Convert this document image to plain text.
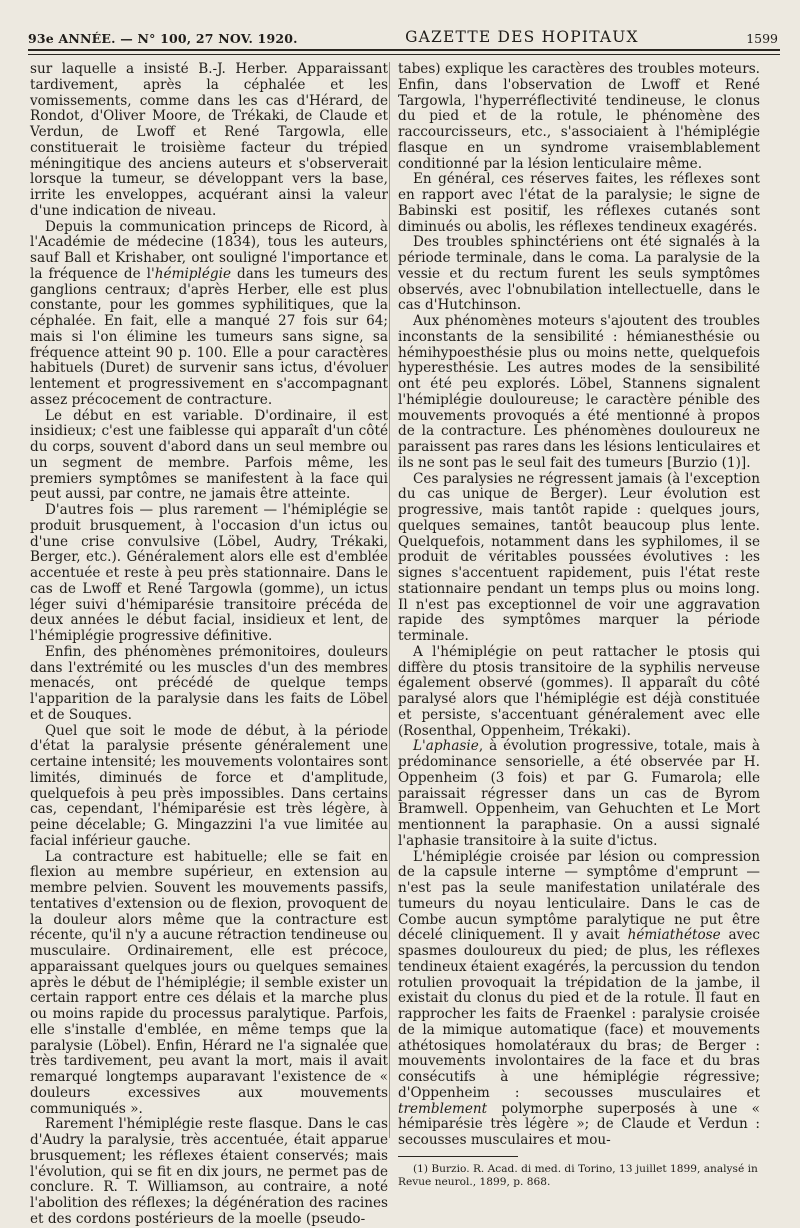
93e ANNÉE. — N° 100, 27 NOV. 1920.	GAZETTE DES HOPITAUX	1599

sur laquelle a insisté B.-J. Herber. Apparaissant tardivement, après la céphalée et les vomissements, comme dans les cas d'Hérard, de Rondot, d'Oliver Moore, de Trékaki, de Claude et Verdun, de Lwoff et René Targowla, elle constituerait le troisième facteur du trépied méningitique des anciens auteurs et s'observerait lorsque la tumeur, se développant vers la base, irrite les enveloppes, acquérant ainsi la valeur d'une indication de niveau.

Depuis la communication princeps de Ricord, à l'Académie de médecine (1834), tous les auteurs, sauf Ball et Krishaber, ont souligné l'importance et la fréquence de l'hémiplégie dans les tumeurs des ganglions centraux; d'après Herber, elle est plus constante, pour les gommes syphilitiques, que la céphalée. En fait, elle a manqué 27 fois sur 64; mais si l'on élimine les tumeurs sans signe, sa fréquence atteint 90 p. 100. Elle a pour caractères habituels (Duret) de survenir sans ictus, d'évoluer lentement et progressivement en s'accompagnant assez précocement de contracture.

Le début en est variable. D'ordinaire, il est insidieux; c'est une faiblesse qui apparaît d'un côté du corps, souvent d'abord dans un seul membre ou un segment de membre. Parfois même, les premiers symptômes se manifestent à la face qui peut aussi, par contre, ne jamais être atteinte.

D'autres fois — plus rarement — l'hémiplégie se produit brusquement, à l'occasion d'un ictus ou d'une crise convulsive (Löbel, Audry, Trékaki, Berger, etc.). Généralement alors elle est d'emblée accentuée et reste à peu près stationnaire. Dans le cas de Lwoff et René Targowla (gomme), un ictus léger suivi d'hémiparésie transitoire précéda de deux années le début facial, insidieux et lent, de l'hémiplégie progressive définitive.

Enfin, des phénomènes prémonitoires, douleurs dans l'extrémité ou les muscles d'un des membres menacés, ont précédé de quelque temps l'apparition de la paralysie dans les faits de Löbel et de Souques.

Quel que soit le mode de début, à la période d'état la paralysie présente généralement une certaine intensité; les mouvements volontaires sont limités, diminués de force et d'amplitude, quelquefois à peu près impossibles. Dans certains cas, cependant, l'hémiparésie est très légère, à peine décelable; G. Mingazzini l'a vue limitée au facial inférieur gauche.

La contracture est habituelle; elle se fait en flexion au membre supérieur, en extension au membre pelvien. Souvent les mouvements passifs, tentatives d'extension ou de flexion, provoquent de la douleur alors même que la contracture est récente, qu'il n'y a aucune rétraction tendineuse ou musculaire. Ordinairement, elle est précoce, apparaissant quelques jours ou quelques semaines après le début de l'hémiplégie; il semble exister un certain rapport entre ces délais et la marche plus ou moins rapide du processus paralytique. Parfois, elle s'installe d'emblée, en même temps que la paralysie (Löbel). Enfin, Hérard ne l'a signalée que très tardivement, peu avant la mort, mais il avait remarqué longtemps auparavant l'existence de « douleurs excessives aux mouvements communiqués ».

Rarement l'hémiplégie reste flasque. Dans le cas d'Audry la paralysie, très accentuée, était apparue brusquement; les réflexes étaient conservés; mais l'évolution, qui se fit en dix jours, ne permet pas de conclure. R. T. Williamson, au contraire, a noté l'abolition des réflexes; la dégénération des racines et des cordons postérieurs de la moelle (pseudo-

tabes) explique les caractères des troubles moteurs. Enfin, dans l'observation de Lwoff et René Targowla, l'hyperréflectivité tendineuse, le clonus du pied et de la rotule, le phénomène des raccourcisseurs, etc., s'associaient à l'hémiplégie flasque en un syndrome vraisemblablement conditionné par la lésion lenticulaire même.

En général, ces réserves faites, les réflexes sont en rapport avec l'état de la paralysie; le signe de Babinski est positif, les réflexes cutanés sont diminués ou abolis, les réflexes tendineux exagérés.

Des troubles sphinctériens ont été signalés à la période terminale, dans le coma. La paralysie de la vessie et du rectum furent les seuls symptômes observés, avec l'obnubilation intellectuelle, dans le cas d'Hutchinson.

Aux phénomènes moteurs s'ajoutent des troubles inconstants de la sensibilité : hémianesthésie ou hémihypoesthésie plus ou moins nette, quelquefois hyperesthésie. Les autres modes de la sensibilité ont été peu explorés. Löbel, Stannens signalent l'hémiplégie douloureuse; le caractère pénible des mouvements provoqués a été mentionné à propos de la contracture. Les phénomènes douloureux ne paraissent pas rares dans les lésions lenticulaires et ils ne sont pas le seul fait des tumeurs [Burzio (1)].

Ces paralysies ne régressent jamais (à l'exception du cas unique de Berger). Leur évolution est progressive, mais tantôt rapide : quelques jours, quelques semaines, tantôt beaucoup plus lente. Quelquefois, notamment dans les syphilomes, il se produit de véritables poussées évolutives : les signes s'accentuent rapidement, puis l'état reste stationnaire pendant un temps plus ou moins long. Il n'est pas exceptionnel de voir une aggravation rapide des symptômes marquer la période terminale.

A l'hémiplégie on peut rattacher le ptosis qui diffère du ptosis transitoire de la syphilis nerveuse également observé (gommes). Il apparaît du côté paralysé alors que l'hémiplégie est déjà constituée et persiste, s'accentuant généralement avec elle (Rosenthal, Oppenheim, Trékaki).

L'aphasie, à évolution progressive, totale, mais à prédominance sensorielle, a été observée par H. Oppenheim (3 fois) et par G. Fumarola; elle paraissait régresser dans un cas de Byrom Bramwell. Oppenheim, van Gehuchten et Le Mort mentionnent la paraphasie. On a aussi signalé l'aphasie transitoire à la suite d'ictus.

L'hémiplégie croisée par lésion ou compression de la capsule interne — symptôme d'emprunt — n'est pas la seule manifestation unilatérale des tumeurs du noyau lenticulaire. Dans le cas de Combe aucun symptôme paralytique ne put être décelé cliniquement. Il y avait hémiathétose avec spasmes douloureux du pied; de plus, les réflexes tendineux étaient exagérés, la percussion du tendon rotulien provoquait la trépidation de la jambe, il existait du clonus du pied et de la rotule. Il faut en rapprocher les faits de Fraenkel : paralysie croisée de la mimique automatique (face) et mouvements athétosiques homolatéraux du bras; de Berger : mouvements involontaires de la face et du bras consécutifs à une hémiplégie régressive; d'Oppenheim : secousses musculaires et tremblement polymorphe superposés à une « hémiparésie très légère »; de Claude et Verdun : secousses musculaires et mou-

(1) Burzio. R. Acad. di med. di Torino, 13 juillet 1899, analysé in Revue neurol., 1899, p. 868.
